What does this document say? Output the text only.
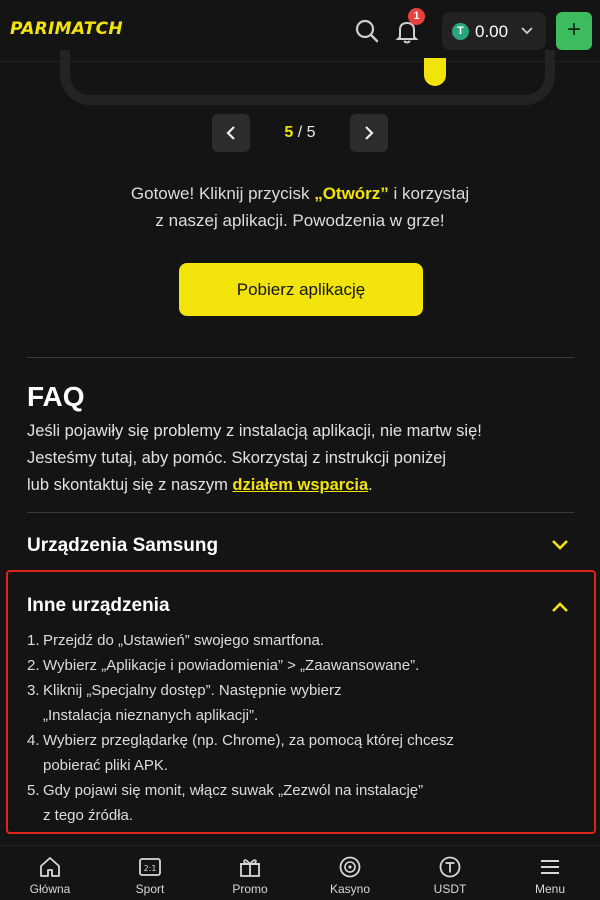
PARIMATCH
1
T 0.00	+
5 / 5
Gotowe! Kliknij przycisk „Otwórz” i korzystaj
z naszej aplikacji. Powodzenia w grze!
Pobierz aplikację
FAQ
Jeśli pojawiły się problemy z instalacją aplikacji, nie martw się!
Jesteśmy tutaj, aby pomóc. Skorzystaj z instrukcji poniżej
lub skontaktuj się z naszym działem wsparcia.
Urządzenia Samsung
Inne urządzenia
1. Przejdź do „Ustawień” swojego smartfona.
2. Wybierz „Aplikacje i powiadomienia” > „Zaawansowane”.
3. Kliknij „Specjalny dostęp”. Następnie wybierz
„Instalacja nieznanych aplikacji”.
4. Wybierz przeglądarkę (np. Chrome), za pomocą której chcesz
pobierać pliki APK.
5. Gdy pojawi się monit, włącz suwak „Zezwól na instalację”
z tego źródła.
Główna
2:1
Sport	Promo	Kasyno	USDT	Menu
